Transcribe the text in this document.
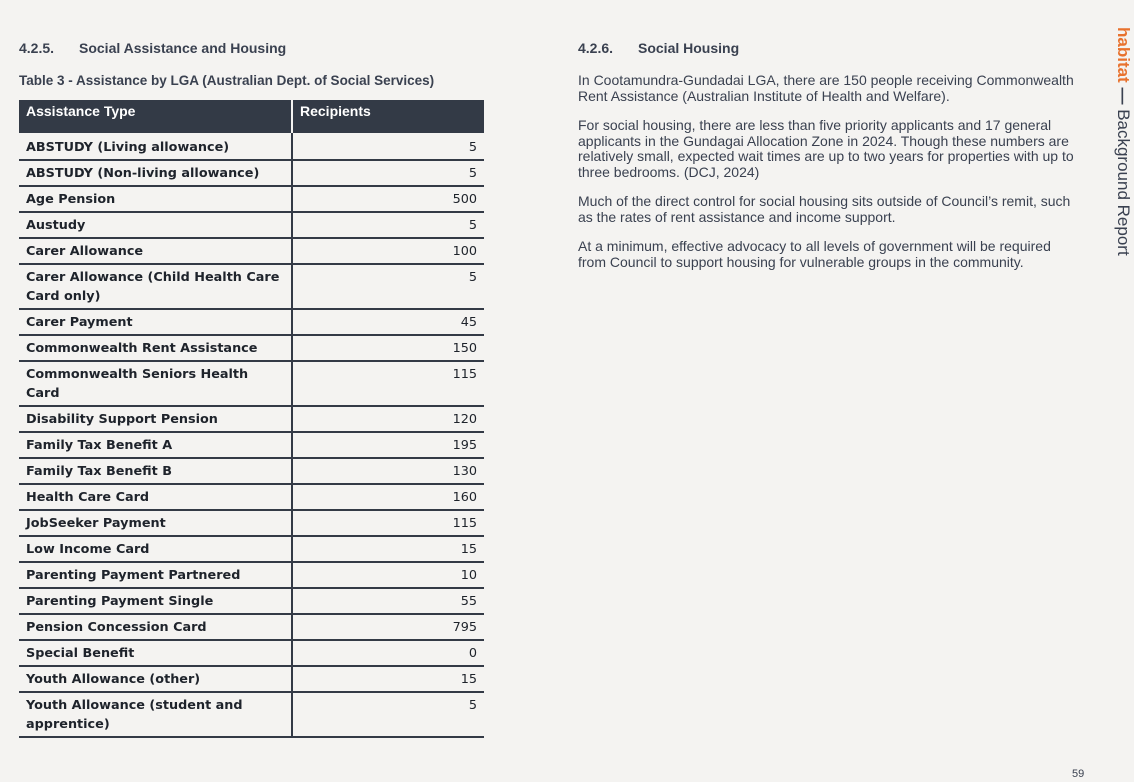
4.2.5.	Social Assistance and Housing
Table 3 - Assistance by LGA (Australian Dept. of Social Services)
Assistance Type	Recipients
ABSTUDY (Living allowance)	5
ABSTUDY (Non-living allowance)	5
Age Pension	500
Austudy	5
Carer Allowance	100
Carer Allowance (Child Health Care Card only)	5
Carer Payment	45
Commonwealth Rent Assistance	150
Commonwealth Seniors Health Card	115
Disability Support Pension	120
Family Tax Benefit A	195
Family Tax Benefit B	130
Health Care Card	160
JobSeeker Payment	115
Low Income Card	15
Parenting Payment Partnered	10
Parenting Payment Single	55
Pension Concession Card	795
Special Benefit	0
Youth Allowance (other)	15
Youth Allowance (student and apprentice)	5
4.2.6.	Social Housing

In Cootamundra-Gundadai LGA, there are 150 people receiving Commonwealth Rent Assistance (Australian Institute of Health and Welfare).

For social housing, there are less than five priority applicants and 17 general applicants in the Gundagai Allocation Zone in 2024. Though these numbers are relatively small, expected wait times are up to two years for properties with up to three bedrooms. (DCJ, 2024)

Much of the direct control for social housing sits outside of Council’s remit, such as the rates of rent assistance and income support.

At a minimum, effective advocacy to all levels of government will be required from Council to support housing for vulnerable groups in the community.

habitat — Background Report
59
